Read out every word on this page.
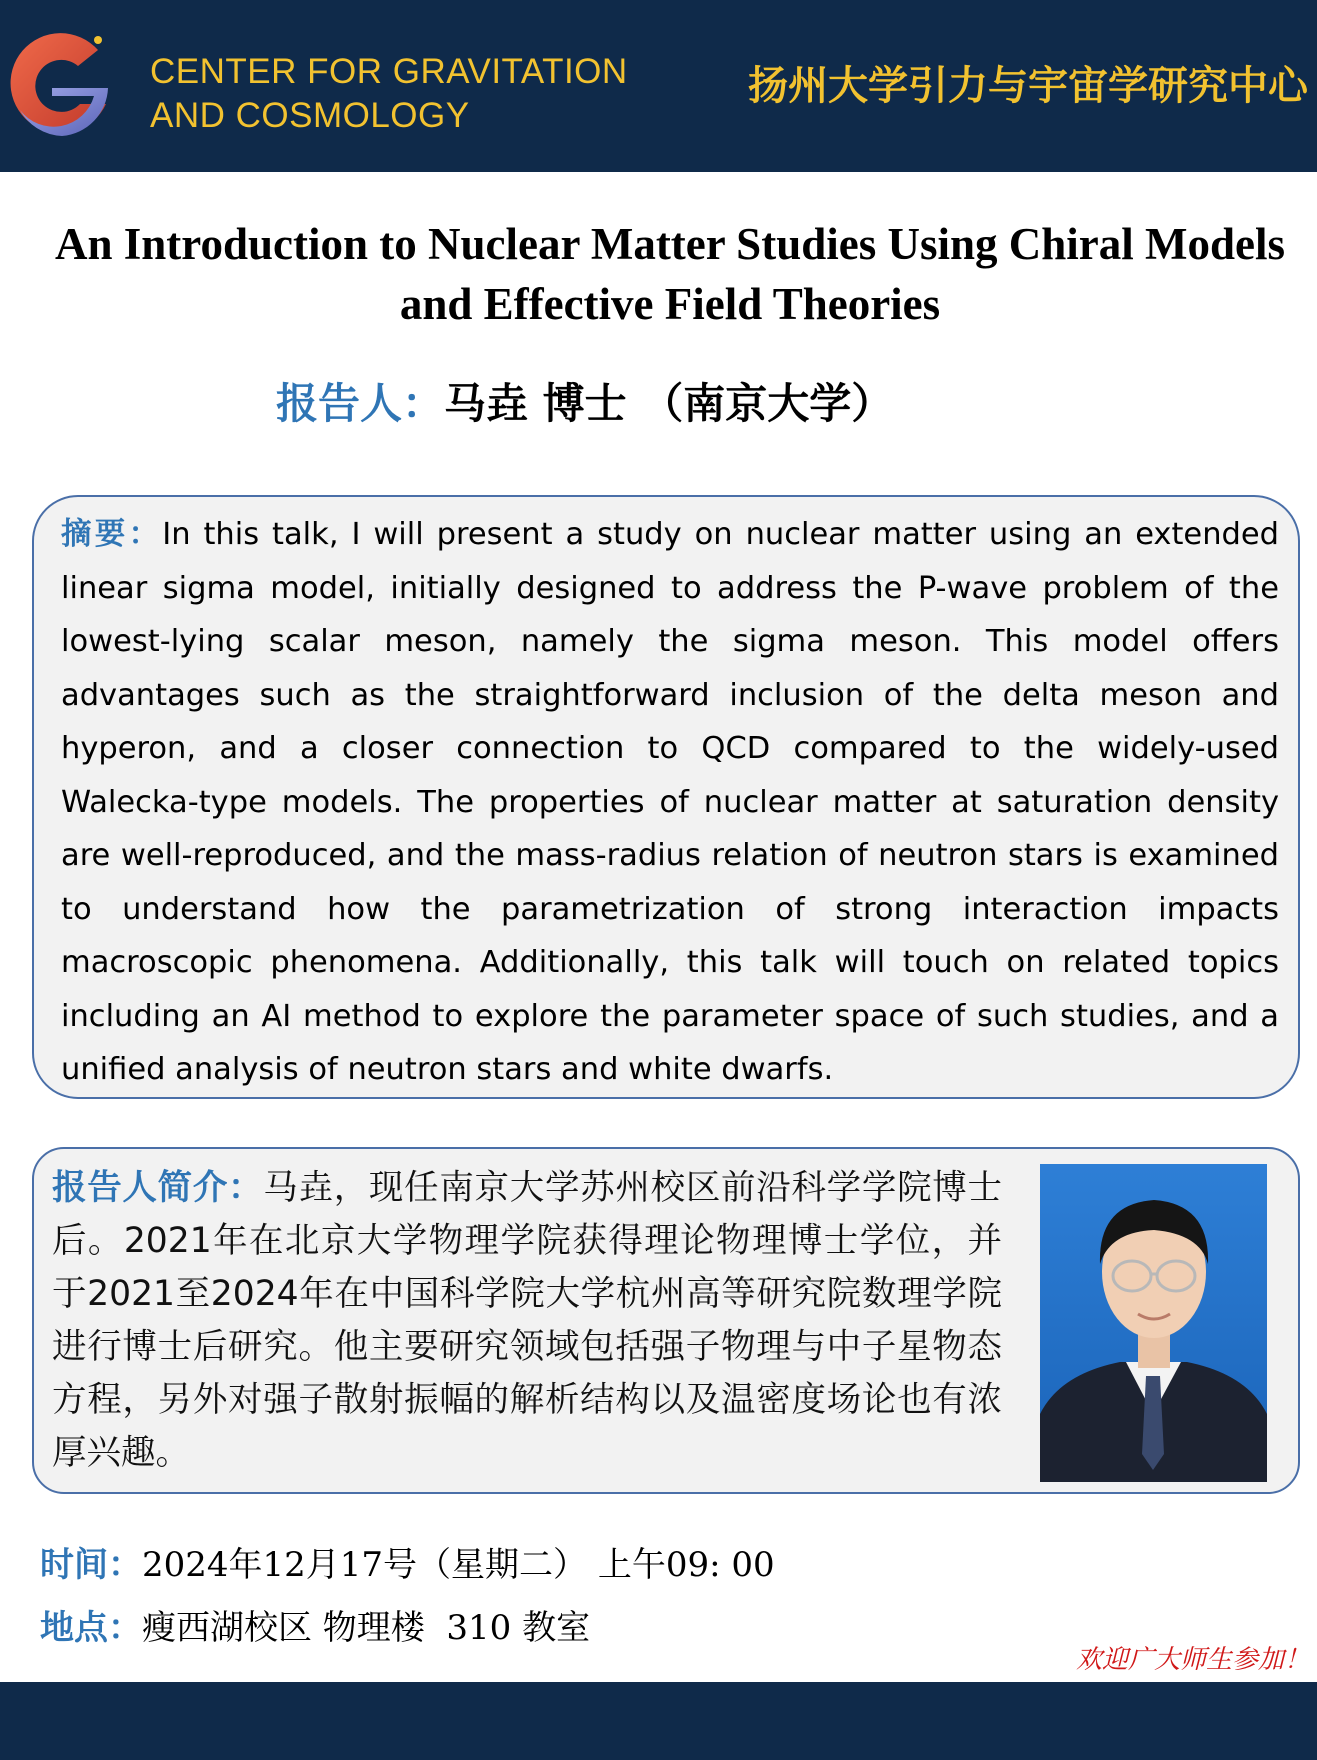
CENTER FOR GRAVITATION
AND COSMOLOGY
扬州大学引力与宇宙学研究中心
An Introduction to Nuclear Matter Studies Using Chiral Models and Effective Field Theories
报告人：马垚 博士 （南京大学）
摘要：In this talk, I will present a study on nuclear matter using an extended linear sigma model, initially designed to address the P-wave problem of the lowest-lying scalar meson, namely the sigma meson. This model offers advantages such as the straightforward inclusion of the delta meson and hyperon, and a closer connection to QCD compared to the widely-used Walecka-type models. The properties of nuclear matter at saturation density are well-reproduced, and the mass-radius relation of neutron stars is examined to understand how the parametrization of strong interaction impacts macroscopic phenomena. Additionally, this talk will touch on related topics including an AI method to explore the parameter space of such studies, and a unified analysis of neutron stars and white dwarfs.
报告人简介：马垚，现任南京大学苏州校区前沿科学学院博士后。2021年在北京大学物理学院获得理论物理博士学位，并于2021至2024年在中国科学院大学杭州高等研究院数理学院进行博士后研究。他主要研究领域包括强子物理与中子星物态方程，另外对强子散射振幅的解析结构以及温密度场论也有浓厚兴趣。
时间：2024年12月17号（星期二） 上午09: 00
地点：瘦西湖校区 物理楼  310 教室
欢迎广大师生参加！
